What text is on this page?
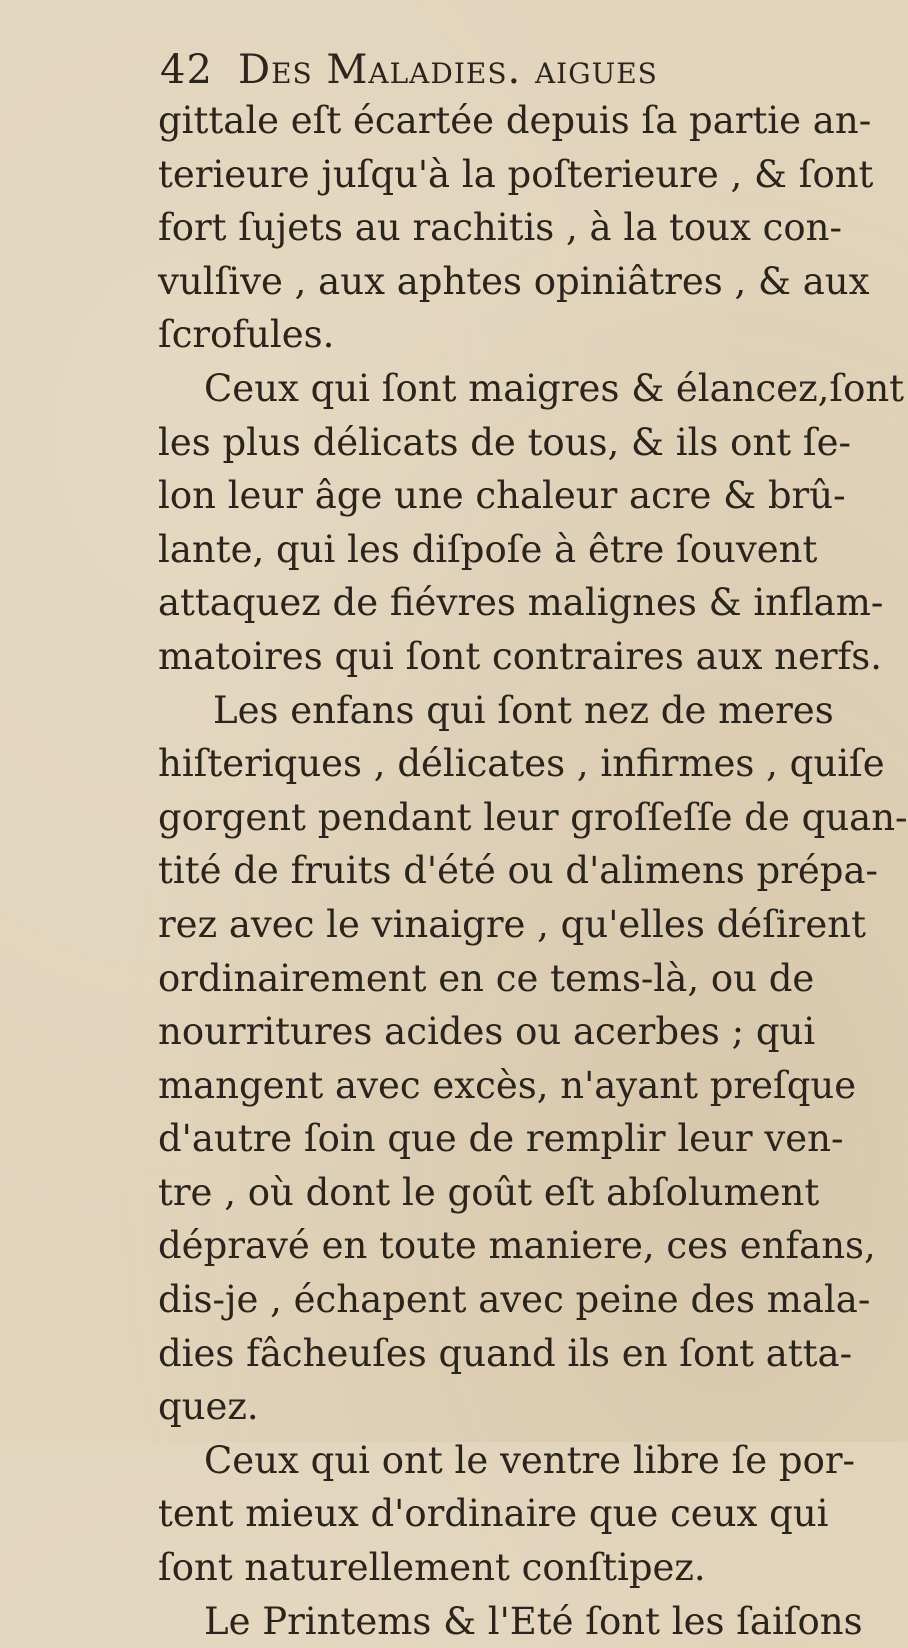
42 Des Maladies. aigues
gittale eſt écartée depuis ſa partie an-
terieure juſqu'à la poſterieure , & ſont
fort ſujets au rachitis , à la toux con-
vulſive , aux aphtes opiniâtres , & aux
ſcrofules.
Ceux qui ſont maigres & élancez,ſont
les plus délicats de tous, & ils ont ſe-
lon leur âge une chaleur acre & brû-
lante, qui les diſpoſe à être ſouvent
attaquez de fiévres malignes & inflam-
matoires qui ſont contraires aux nerfs.
Les enfans qui ſont nez de meres
hiſteriques , délicates , infirmes , quiſe
gorgent pendant leur groſſeſſe de quan-
tité de fruits d'été ou d'alimens prépa-
rez avec le vinaigre , qu'elles déſirent
ordinairement en ce tems-là, ou de
nourritures acides ou acerbes ; qui
mangent avec excès, n'ayant preſque
d'autre ſoin que de remplir leur ven-
tre , où dont le goût eſt abſolument
dépravé en toute maniere, ces enfans,
dis-je , échapent avec peine des mala-
dies fâcheuſes quand ils en ſont atta-
quez.
Ceux qui ont le ventre libre ſe por-
tent mieux d'ordinaire que ceux qui
ſont naturellement conſtipez.
Le Printems & l'Eté ſont les ſaiſons
